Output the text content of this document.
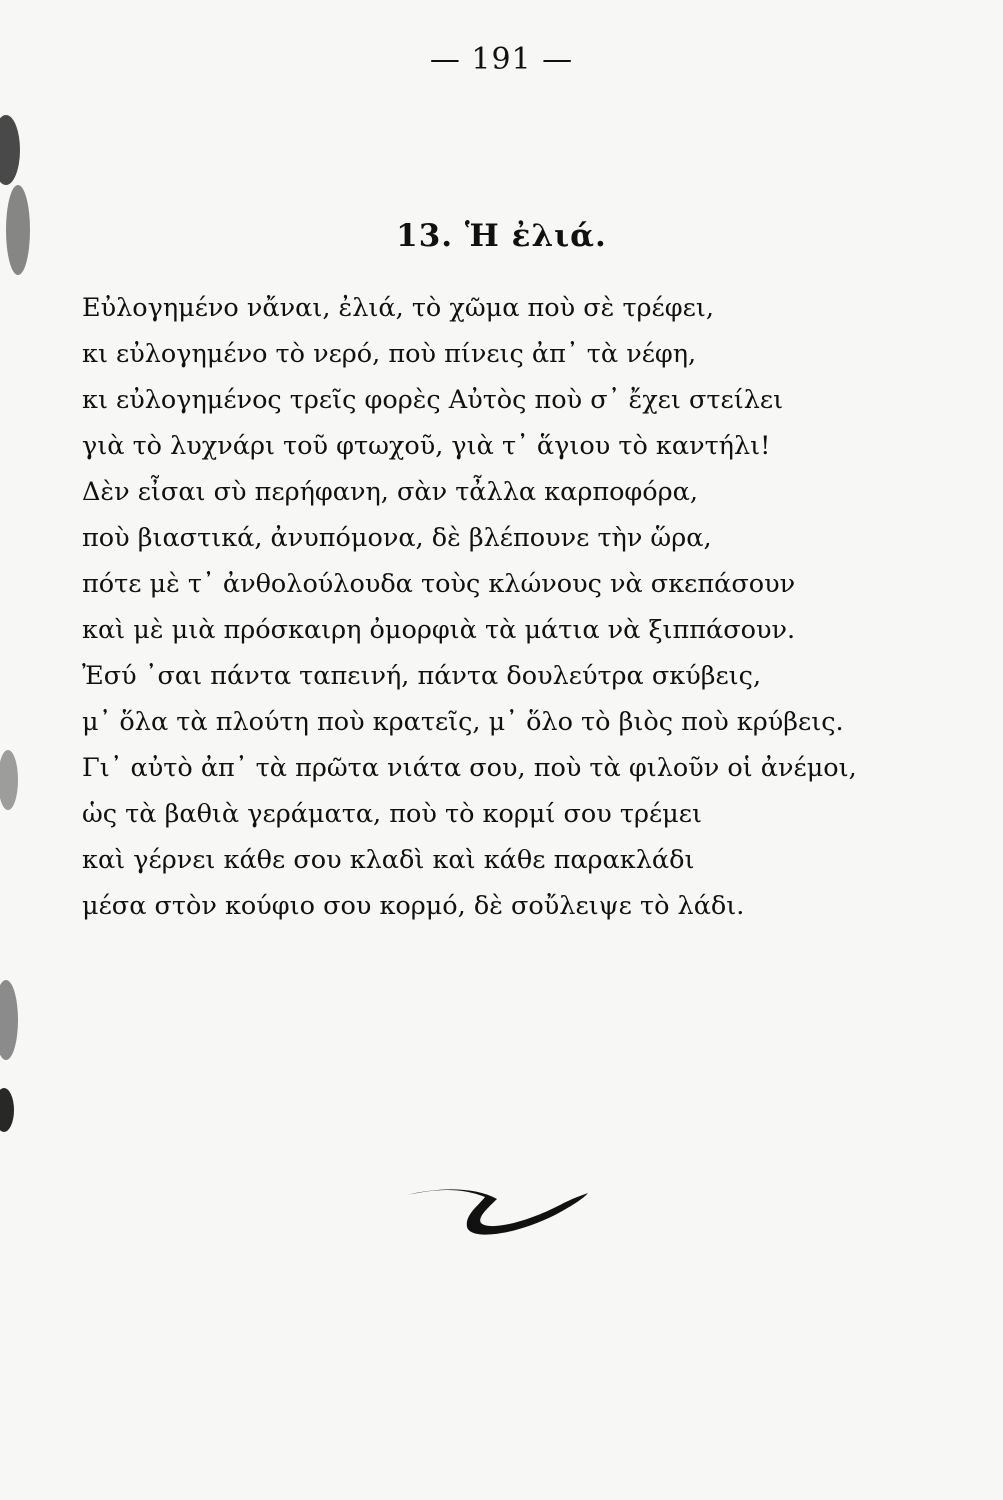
— 191 —
13. Ἡ ἐλιά.
Εὐλογημένο νἄναι, ἐλιά, τὸ χῶμα ποὺ σὲ τρέφει,
κι εὐλογημένο τὸ νερό, ποὺ πίνεις ἀπ᾽ τὰ νέφη,
κι εὐλογημένος τρεῖς φορὲς Αὐτὸς ποὺ σ᾽ ἔχει στείλει
γιὰ τὸ λυχνάρι τοῦ φτωχοῦ, γιὰ τ᾽ ἅγιου τὸ καντήλι!
Δὲν εἶσαι σὺ περήφανη, σὰν τἆλλα καρποφόρα,
ποὺ βιαστικά, ἀνυπόμονα, δὲ βλέπουνε τὴν ὥρα,
πότε μὲ τ᾽ ἀνθολούλουδα τοὺς κλώνους νὰ σκεπάσουν
καὶ μὲ μιὰ πρόσκαιρη ὀμορφιὰ τὰ μάτια νὰ ξιππάσουν.
Ἐσύ ᾽σαι πάντα ταπεινή, πάντα δουλεύτρα σκύβεις,
μ᾽ ὅλα τὰ πλούτη ποὺ κρατεῖς, μ᾽ ὅλο τὸ βιὸς ποὺ κρύβεις.
Γι᾽ αὐτὸ ἀπ᾽ τὰ πρῶτα νιάτα σου, ποὺ τὰ φιλοῦν οἱ ἀνέμοι,
ὡς τὰ βαθιὰ γεράματα, ποὺ τὸ κορμί σου τρέμει
καὶ γέρνει κάθε σου κλαδὶ καὶ κάθε παρακλάδι
μέσα στὸν κούφιο σου κορμό, δὲ σοὔλειψε τὸ λάδι.
